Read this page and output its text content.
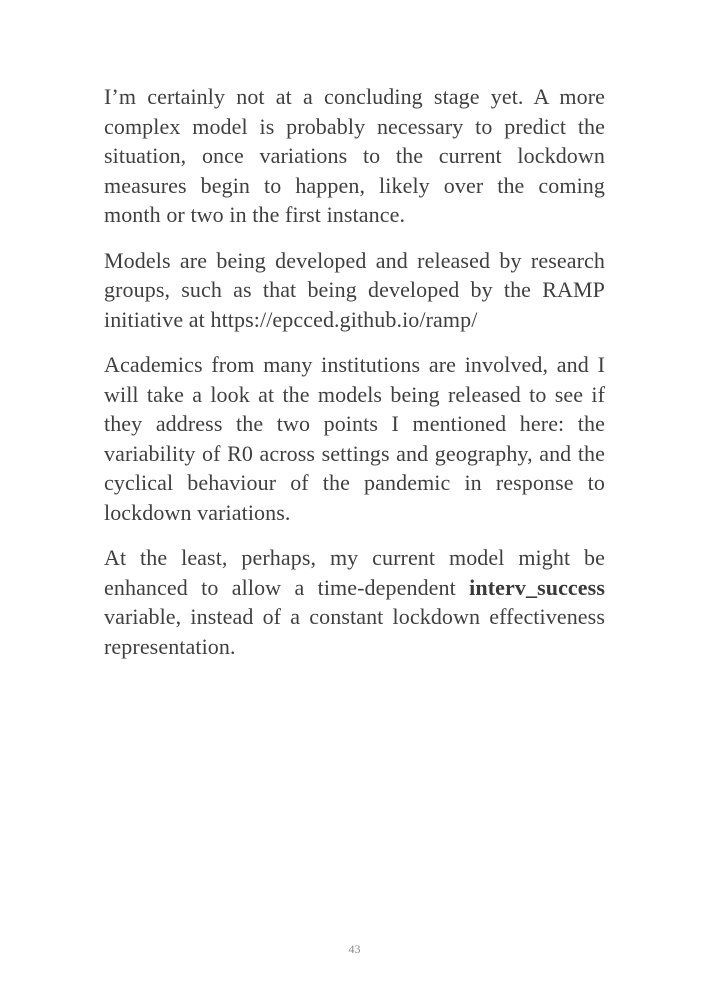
I’m certainly not at a concluding stage yet. A more complex model is probably necessary to predict the situation, once variations to the current lockdown measures begin to happen, likely over the coming month or two in the first instance.

Models are being developed and released by research groups, such as that being developed by the RAMP initiative at https://epcced.github.io/ramp/

Academics from many institutions are involved, and I will take a look at the models being released to see if they address the two points I mentioned here: the variability of R0 across settings and geography, and the cyclical behaviour of the pandemic in response to lockdown variations.

At the least, perhaps, my current model might be enhanced to allow a time-dependent interv_success variable, instead of a constant lockdown effectiveness representation.

43
